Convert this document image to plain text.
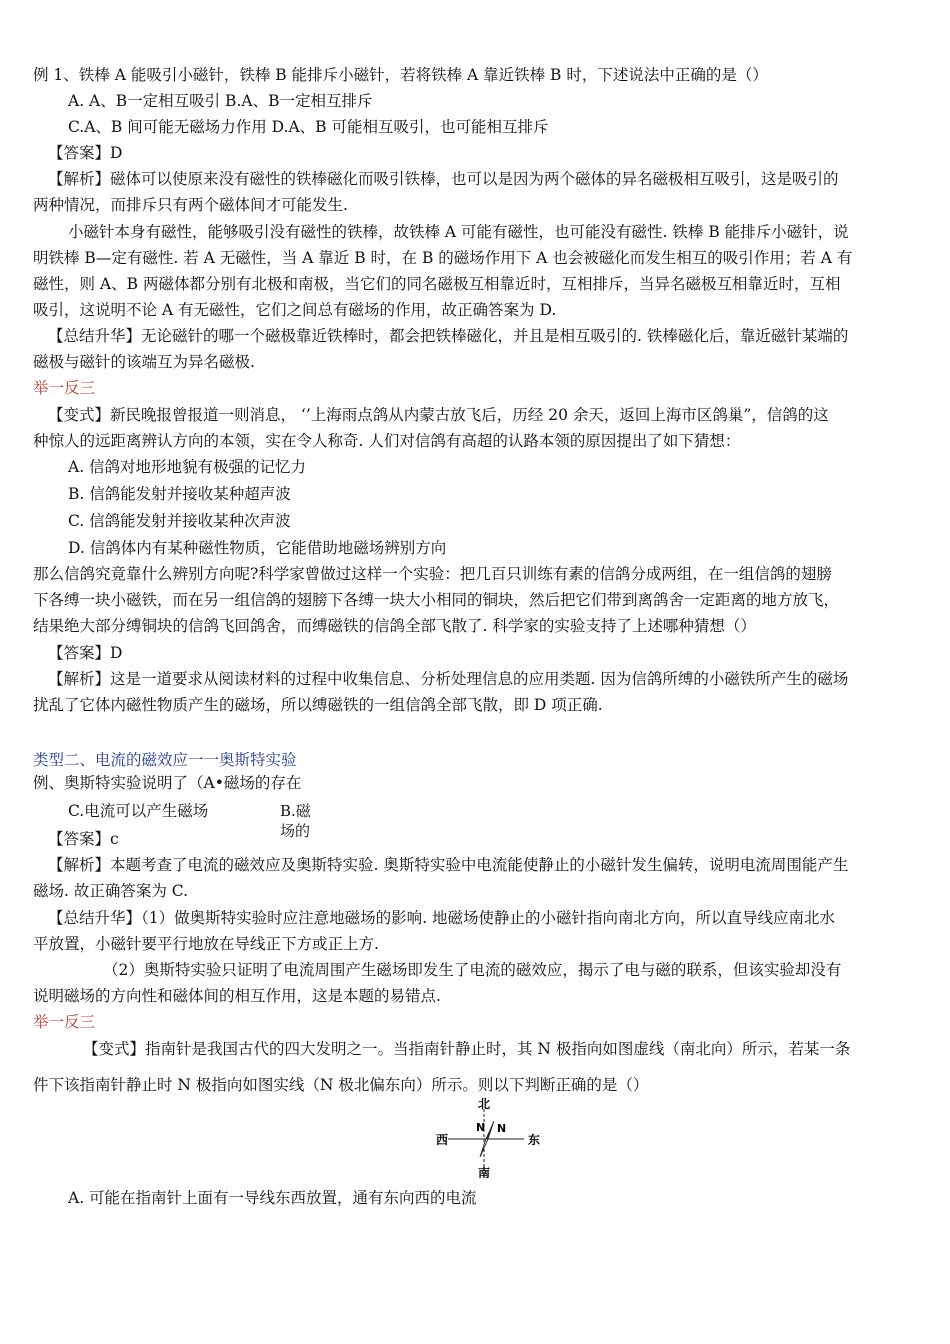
例 1、铁棒 A 能吸引小磁针，铁棒 B 能排斥小磁针，若将铁棒 A 靠近铁棒 B 时，下述说法中正确的是（）
A. A、B一定相互吸引 B.A、B一定相互排斥
C.A、B 间可能无磁场力作用 D.A、B 可能相互吸引，也可能相互排斥
【答案】D
【解析】磁体可以使原来没有磁性的铁棒磁化而吸引铁棒，也可以是因为两个磁体的异名磁极相互吸引，这是吸引的
两种情况，而排斥只有两个磁体间才可能发生.
小磁针本身有磁性，能够吸引没有磁性的铁棒，故铁棒 A 可能有磁性，也可能没有磁性. 铁棒 B 能排斥小磁针，说
明铁棒 B—定有磁性. 若 A 无磁性，当 A 靠近 B 时，在 B 的磁场作用下 A 也会被磁化而发生相互的吸引作用；若 A 有
磁性，则 A、B 两磁体都分别有北极和南极，当它们的同名磁极互相靠近时，互相排斥，当异名磁极互相靠近时，互相
吸引，这说明不论 A 有无磁性，它们之间总有磁场的作用，故正确答案为 D.
【总结升华】无论磁针的哪一个磁极靠近铁棒时，都会把铁棒磁化，并且是相互吸引的. 铁棒磁化后，靠近磁针某端的
磁极与磁针的该端互为异名磁极.
举一反三
【变式】新民晚报曾报道一则消息， ‘’上海雨点鸽从内蒙古放飞后，历经 20 余天，返回上海市区鸽巢”，信鸽的这
种惊人的远距离辨认方向的本领，实在令人称奇. 人们对信鸽有高超的认路本领的原因提出了如下猜想：
A. 信鸽对地形地貌有极强的记忆力
B. 信鸽能发射并接收某种超声波
C. 信鸽能发射并接收某种次声波
D. 信鸽体内有某种磁性物质，它能借助地磁场辨别方向
那么信鸽究竟靠什么辨别方向呢?科学家曾做过这样一个实验：把几百只训练有素的信鸽分成两组，在一组信鸽的翅膀
下各缚一块小磁铁，而在另一组信鸽的翅膀下各缚一块大小相同的铜块，然后把它们带到离鸽舍一定距离的地方放飞，
结果绝大部分缚铜块的信鸽飞回鸽舍，而缚磁铁的信鸽全部飞散了. 科学家的实验支持了上述哪种猜想（）
【答案】D
【解析】这是一道要求从阅读材料的过程中收集信息、分析处理信息的应用类题. 因为信鸽所缚的小磁铁所产生的磁场
扰乱了它体内磁性物质产生的磁场，所以缚磁铁的一组信鸽全部飞散，即 D 项正确.
类型二、电流的磁效应一一奥斯特实验
例、奥斯特实验说明了（A•磁场的存在
C.电流可以产生磁场	B.磁
场的
【答案】c
【解析】本题考查了电流的磁效应及奥斯特实验. 奥斯特实验中电流能使静止的小磁针发生偏转，说明电流周围能产生
磁场. 故正确答案为 C.
【总结升华】（1）做奥斯特实验时应注意地磁场的影响. 地磁场使静止的小磁针指向南北方向，所以直导线应南北水
平放置，小磁针要平行地放在导线正下方或正上方.
（2）奥斯特实验只证明了电流周围产生磁场即发生了电流的磁效应，揭示了电与磁的联系，但该实验却没有
说明磁场的方向性和磁体间的相互作用，这是本题的易错点.
举一反三
【变式】指南针是我国古代的四大发明之一。当指南针静止时，其 N 极指向如图虚线（南北向）所示，若某一条
件下该指南针静止时 N 极指向如图实线（N 极北偏东向）所示。则以下判断正确的是（）
北
南
西	东
N N
A. 可能在指南针上面有一导线东西放置，通有东向西的电流
